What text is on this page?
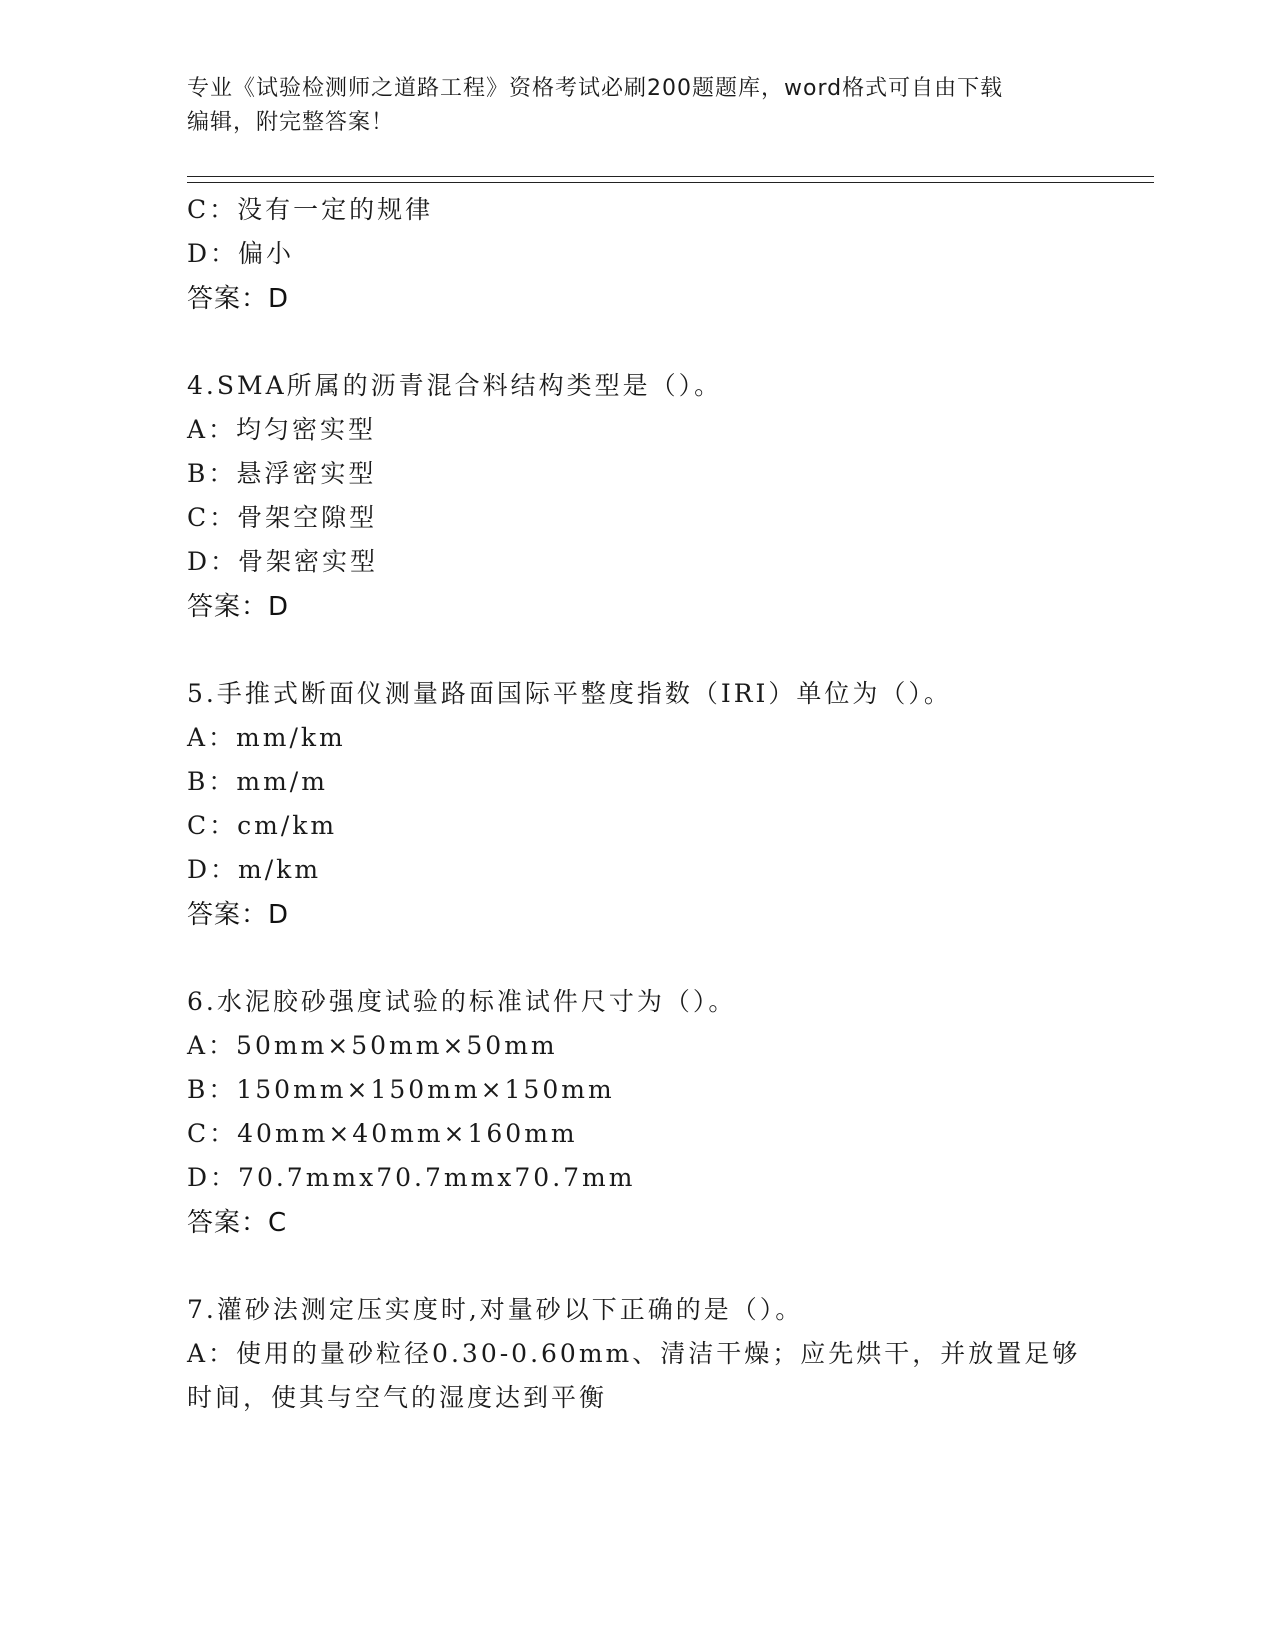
专业《试验检测师之道路工程》资格考试必刷200题题库，word格式可自由下载
编辑，附完整答案！
C：没有一定的规律
D：偏小
答案：D
4.SMA所属的沥青混合料结构类型是（）。
A：均匀密实型
B：悬浮密实型
C：骨架空隙型
D：骨架密实型
答案：D
5.手推式断面仪测量路面国际平整度指数（IRI）单位为（）。
A：mm/km
B：mm/m
C：cm/km
D：m/km
答案：D
6.水泥胶砂强度试验的标准试件尺寸为（）。
A：50mm×50mm×50mm
B：150mm×150mm×150mm
C：40mm×40mm×160mm
D：70.7mmx70.7mmx70.7mm
答案：C
7.灌砂法测定压实度时,对量砂以下正确的是（）。
A：使用的量砂粒径0.30-0.60mm、清洁干燥；应先烘干，并放置足够
时间，使其与空气的湿度达到平衡
